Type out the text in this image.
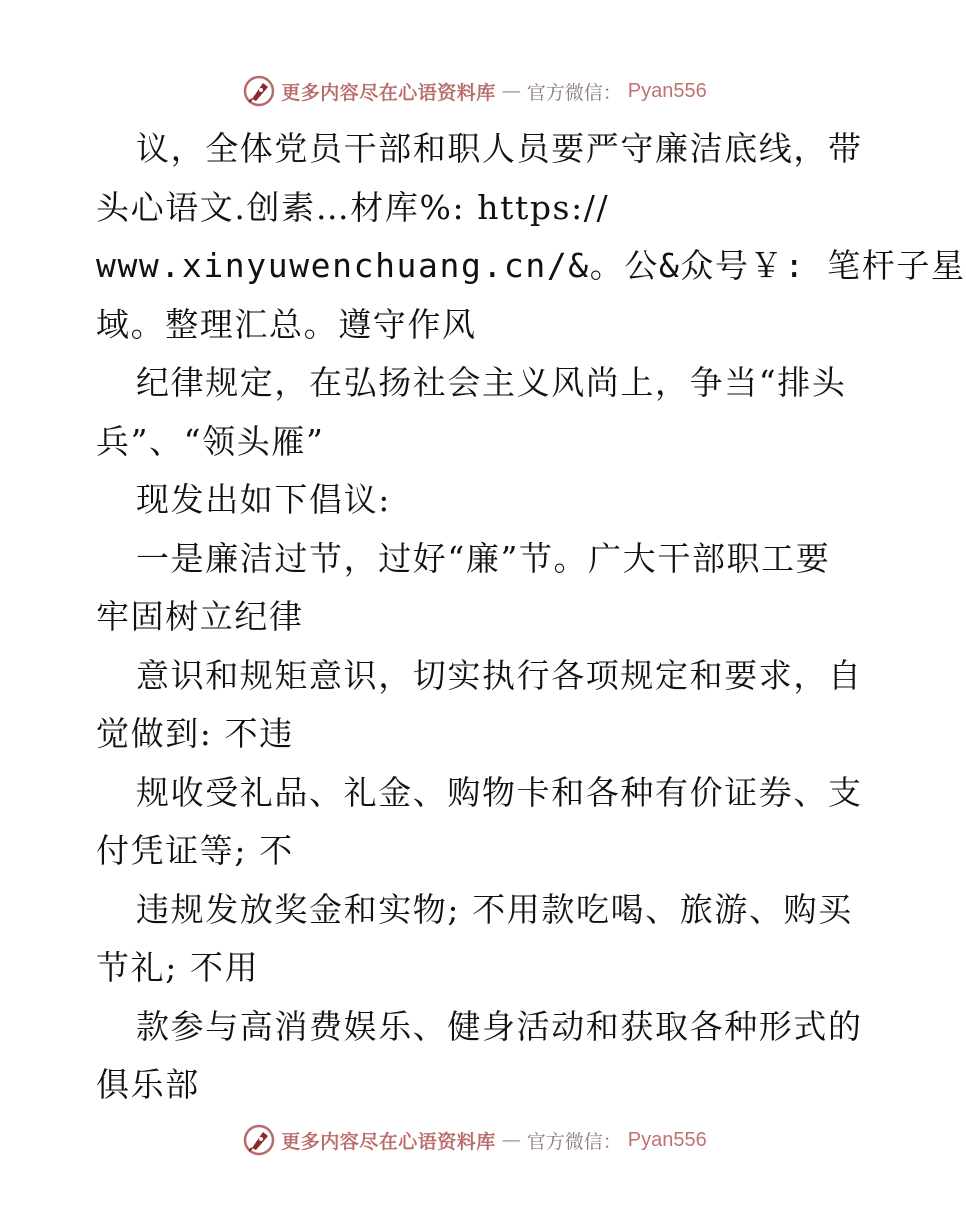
更多内容尽在心语资料库 — 官方微信： Pyan556
议，全体党员干部和职人员要严守廉洁底线，带
头心语文.创素…材库%: https://
www.xinyuwenchuang.cn/&。公&众号￥: 笔杆子星
域。整理汇总。遵守作风
纪律规定，在弘扬社会主义风尚上，争当“排头
兵”、“领头雁”
现发出如下倡议:
一是廉洁过节，过好“廉”节。广大干部职工要
牢固树立纪律
意识和规矩意识，切实执行各项规定和要求，自
觉做到: 不违
规收受礼品、礼金、购物卡和各种有价证券、支
付凭证等; 不
违规发放奖金和实物; 不用款吃喝、旅游、购买
节礼; 不用
款参与高消费娱乐、健身活动和获取各种形式的
俱乐部
更多内容尽在心语资料库 — 官方微信： Pyan556
